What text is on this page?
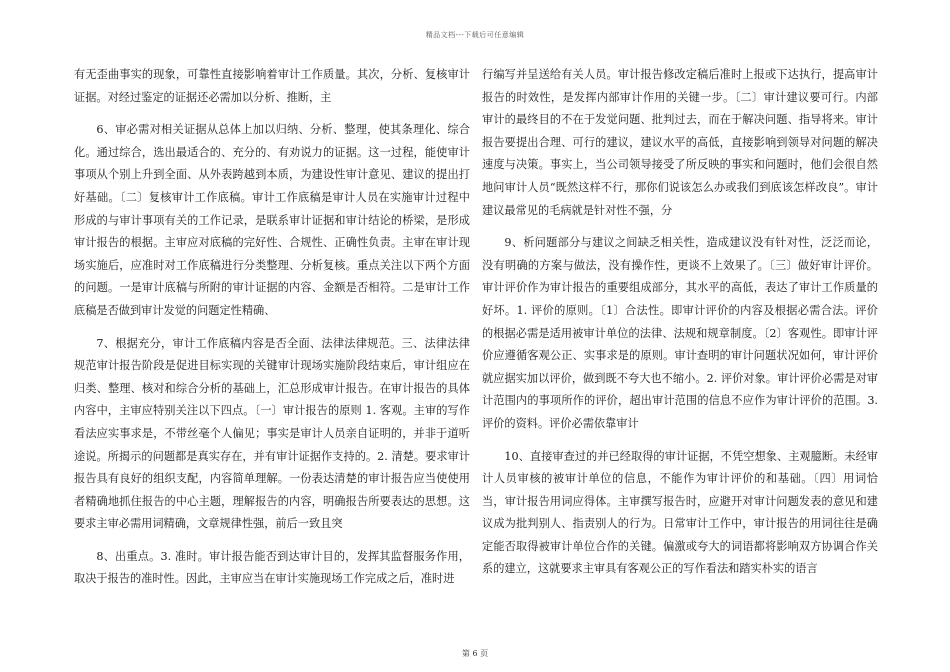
精品文档---下载后可任意编辑

有无歪曲事实的现象，可靠性直接影响着审计工作质量。其次，分析、复核审计证据。对经过鉴定的证据还必需加以分析、推断，主

6、审必需对相关证据从总体上加以归纳、分析、整理，使其条理化、综合化。通过综合，选出最适合的、充分的、有劝说力的证据。这一过程，能使审计事项从个别上升到全面、从外表跨越到本质，为建设性审计意见、建议的提出打好基础。〔二〕复核审计工作底稿。审计工作底稿是审计人员在实施审计过程中形成的与审计事项有关的工作记录，是联系审计证据和审计结论的桥梁，是形成审计报告的根据。主审应对底稿的完好性、合规性、正确性负责。主审在审计现场实施后，应准时对工作底稿进行分类整理、分析复核。重点关注以下两个方面的问题。一是审计底稿与所附的审计证据的内容、金额是否相符。二是审计工作底稿是否做到审计发觉的问题定性精确、

7、根据充分，审计工作底稿内容是否全面、法律法律规范。三、法律法律规范审计报告阶段是促进目标实现的关键审计现场实施阶段结束后，审计组应在归类、整理、核对和综合分析的基础上，汇总形成审计报告。在审计报告的具体内容中，主审应特别关注以下四点。〔一〕审计报告的原则 1. 客观。主审的写作看法应实事求是，不带丝毫个人偏见；事实是审计人员亲自证明的，并非于道听途说。所揭示的问题都是真实存在，并有审计证据作支持的。2. 清楚。要求审计报告具有良好的组织支配，内容简单理解。一份表达清楚的审计报告应当使使用者精确地抓住报告的中心主题，理解报告的内容，明确报告所要表达的思想。这要求主审必需用词精确，文章规律性强，前后一致且突

8、出重点。3. 准时。审计报告能否到达审计目的，发挥其监督服务作用，取决于报告的准时性。因此，主审应当在审计实施现场工作完成之后，准时进

行编写并呈送给有关人员。审计报告修改定稿后准时上报或下达执行，提高审计报告的时效性，是发挥内部审计作用的关键一步。〔二〕审计建议要可行。内部审计的最终目的不在于发觉问题、批判过去，而在于解决问题、指导将来。审计报告要提出合理、可行的建议，建议水平的高低，直接影响到领导对问题的解决速度与决策。事实上，当公司领导接受了所反映的事实和问题时，他们会很自然地问审计人员“既然这样不行，那你们说该怎么办或我们到底该怎样改良”。审计建议最常见的毛病就是针对性不强，分

9、析问题部分与建议之间缺乏相关性，造成建议没有针对性，泛泛而论，没有明确的方案与做法，没有操作性，更谈不上效果了。〔三〕做好审计评价。审计评价作为审计报告的重要组成部分，其水平的高低，表达了审计工作质量的好坏。1. 评价的原则。〔1〕合法性。即审计评价的内容及根据必需合法。评价的根据必需是适用被审计单位的法律、法规和规章制度。〔2〕客观性。即审计评价应遵循客观公正、实事求是的原则。审计查明的审计问题状况如何，审计评价就应据实加以评价，做到既不夸大也不缩小。2. 评价对象。审计评价必需是对审计范围内的事项所作的评价，超出审计范围的信息不应作为审计评价的范围。3. 评价的资料。评价必需依靠审计

10、直接审查过的并已经取得的审计证据，不凭空想象、主观臆断。未经审计人员审核的被审计单位的信息，不能作为审计评价的和基础。〔四〕用词恰当，审计报告用词应得体。主审撰写报告时，应避开对审计问题发表的意见和建议成为批判别人、指责别人的行为。日常审计工作中，审计报告的用词往往是确定能否取得被审计单位合作的关键。偏激或夸大的词语都将影响双方协调合作关系的建立，这就要求主审具有客观公正的写作看法和踏实朴实的语言

第 6 页
